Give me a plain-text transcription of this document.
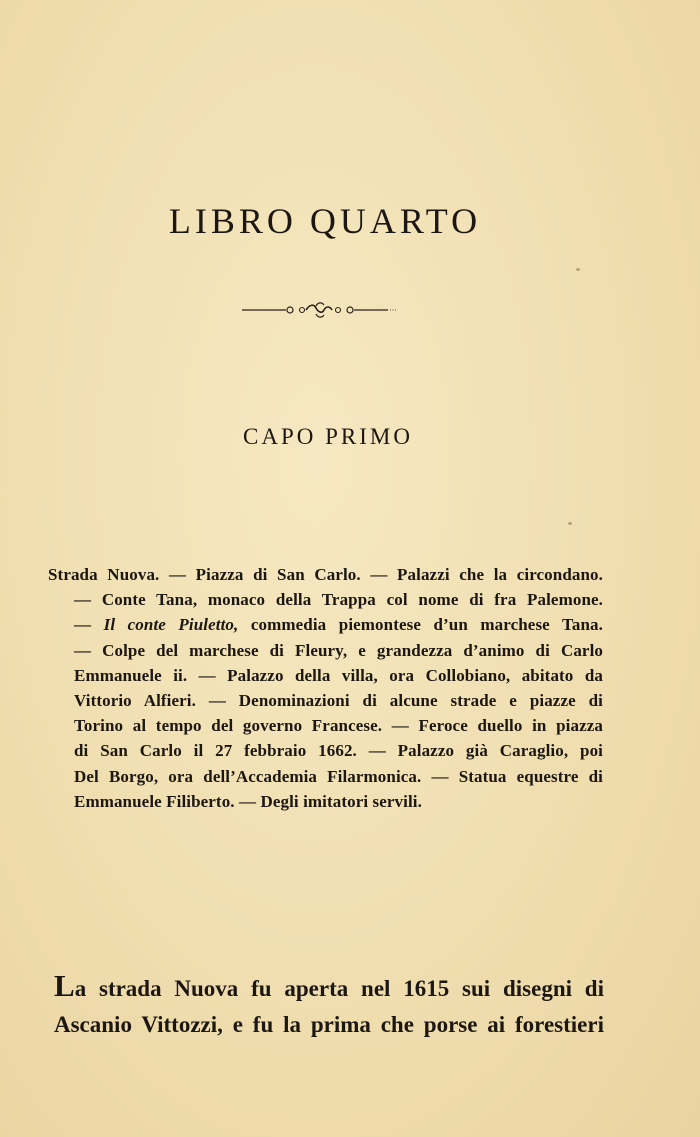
LIBRO QUARTO
CAPO PRIMO
Strada Nuova. — Piazza di San Carlo. — Palazzi che la circondano.
— Conte Tana, monaco della Trappa col nome di fra Palemone.
— Il conte Piuletto, commedia piemontese d’un marchese Tana.
— Colpe del marchese di Fleury, e grandezza d’animo di Carlo
Emmanuele ii. — Palazzo della villa, ora Collobiano, abitato da
Vittorio Alfieri. — Denominazioni di alcune strade e piazze di
Torino al tempo del governo Francese. — Feroce duello in piazza
di San Carlo il 27 febbraio 1662. — Palazzo già Caraglio, poi
Del Borgo, ora dell’Accademia Filarmonica. — Statua equestre di
Emmanuele Filiberto. — Degli imitatori servili.
La strada Nuova fu aperta nel 1615 sui disegni di
Ascanio Vittozzi, e fu la prima che porse ai forestieri
